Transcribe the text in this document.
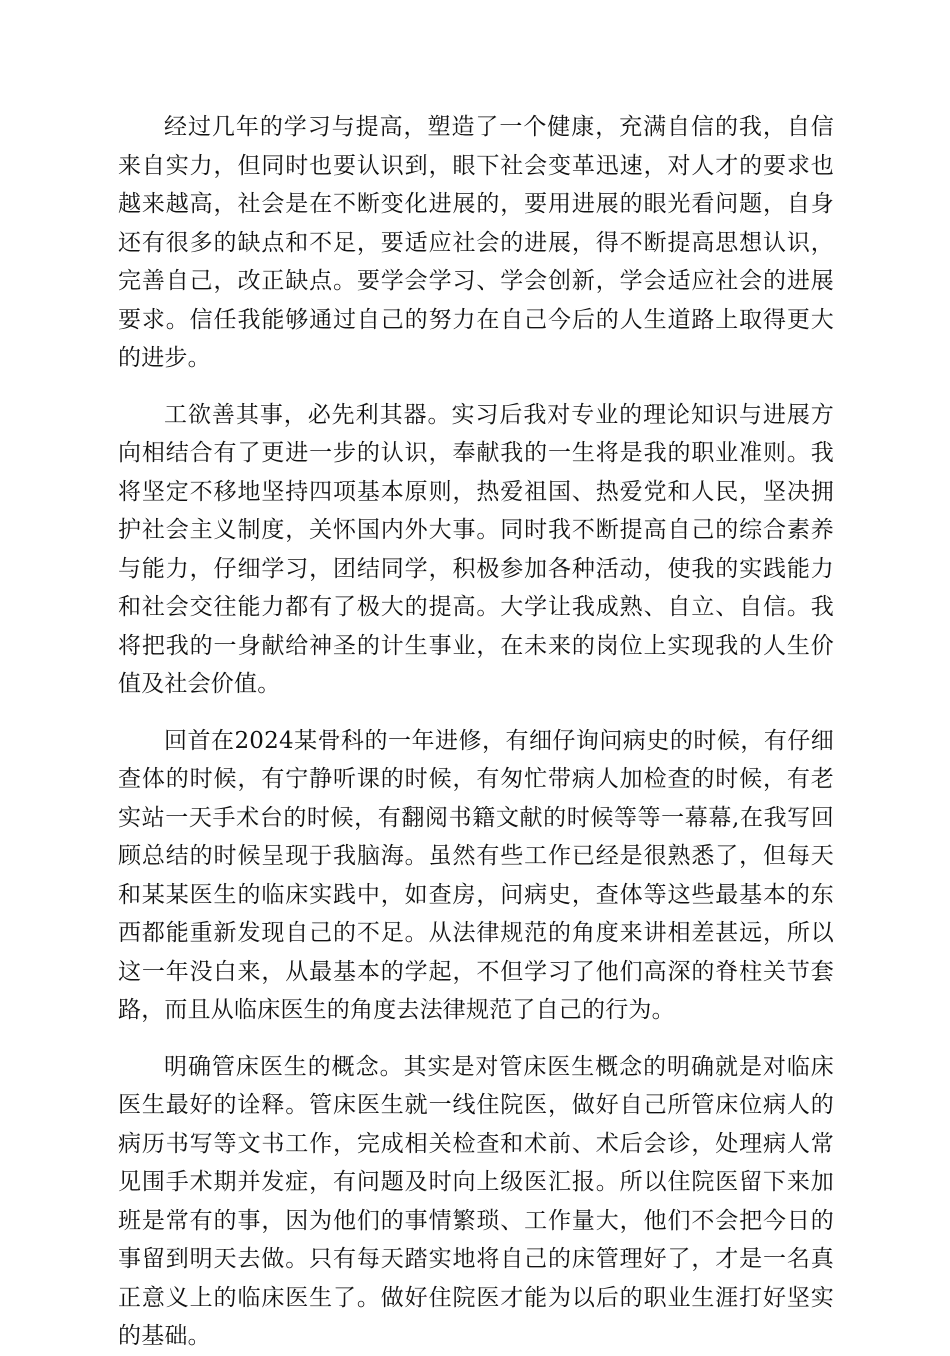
经过几年的学习与提高，塑造了一个健康，充满自信的我，自信来自实力，但同时也要认识到，眼下社会变革迅速，对人才的要求也越来越高，社会是在不断变化进展的，要用进展的眼光看问题，自身还有很多的缺点和不足，要适应社会的进展，得不断提高思想认识，完善自己，改正缺点。要学会学习、学会创新，学会适应社会的进展要求。信任我能够通过自己的努力在自己今后的人生道路上取得更大的进步。

工欲善其事，必先利其器。实习后我对专业的理论知识与进展方向相结合有了更进一步的认识，奉献我的一生将是我的职业准则。我将坚定不移地坚持四项基本原则，热爱祖国、热爱党和人民，坚决拥护社会主义制度，关怀国内外大事。同时我不断提高自己的综合素养与能力，仔细学习，团结同学，积极参加各种活动，使我的实践能力和社会交往能力都有了极大的提高。大学让我成熟、自立、自信。我将把我的一身献给神圣的计生事业，在未来的岗位上实现我的人生价值及社会价值。

回首在2024某骨科的一年进修，有细仔询问病史的时候，有仔细查体的时候，有宁静听课的时候，有匆忙带病人加检查的时候，有老实站一天手术台的时候，有翻阅书籍文献的时候等等一幕幕,在我写回顾总结的时候呈现于我脑海。虽然有些工作已经是很熟悉了，但每天和某某医生的临床实践中，如查房，问病史，查体等这些最基本的东西都能重新发现自己的不足。从法律规范的角度来讲相差甚远，所以这一年没白来，从最基本的学起，不但学习了他们高深的脊柱关节套路，而且从临床医生的角度去法律规范了自己的行为。

明确管床医生的概念。其实是对管床医生概念的明确就是对临床医生最好的诠释。管床医生就一线住院医，做好自己所管床位病人的病历书写等文书工作，完成相关检查和术前、术后会诊，处理病人常见围手术期并发症，有问题及时向上级医汇报。所以住院医留下来加班是常有的事，因为他们的事情繁琐、工作量大，他们不会把今日的事留到明天去做。只有每天踏实地将自己的床管理好了，才是一名真正意义上的临床医生了。做好住院医才能为以后的职业生涯打好坚实的基础。
